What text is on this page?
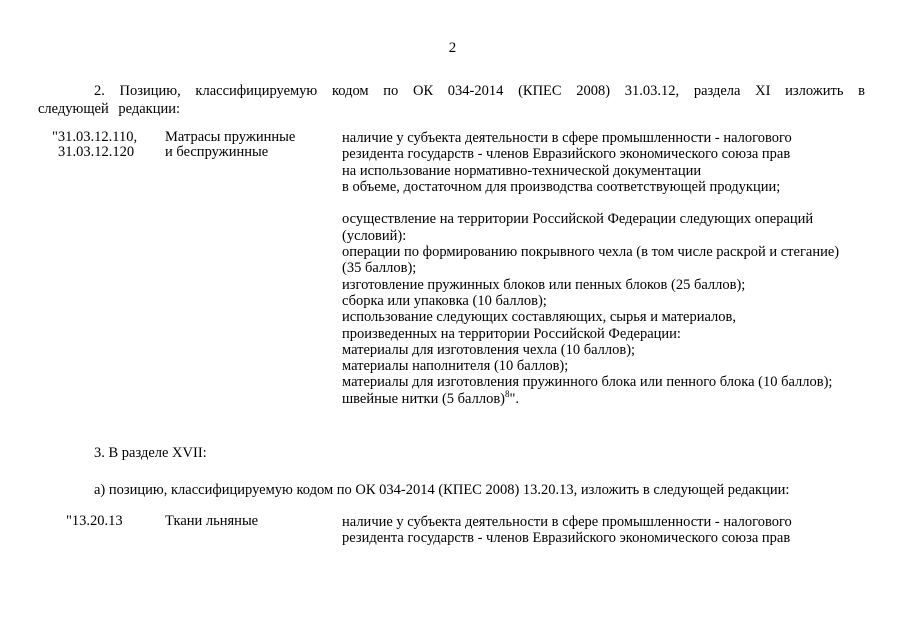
2
2. Позицию, классифицируемую кодом по ОК 034-2014 (КПЕС 2008) 31.03.12, раздела XI изложить в следующей редакции:
"31.03.12.110,
31.03.12.120
Матрасы пружинные
и беспружинные
наличие у субъекта деятельности в сфере промышленности - налогового
резидента государств - членов Евразийского экономического союза прав
на использование нормативно-технической документации
в объеме, достаточном для производства соответствующей продукции;
осуществление на территории Российской Федерации следующих операций
(условий):
операции по формированию покрывного чехла (в том числе раскрой и стегание)
(35 баллов);
изготовление пружинных блоков или пенных блоков (25 баллов);
сборка или упаковка (10 баллов);
использование следующих составляющих, сырья и материалов,
произведенных на территории Российской Федерации:
материалы для изготовления чехла (10 баллов);
материалы наполнителя (10 баллов);
материалы для изготовления пружинного блока или пенного блока (10 баллов);
швейные нитки (5 баллов)$^8$".
3. В разделе XVII:
а) позицию, классифицируемую кодом по ОК 034-2014 (КПЕС 2008) 13.20.13, изложить в следующей редакции:
"13.20.13	Ткани льняные	наличие у субъекта деятельности в сфере промышленности - налогового
резидента государств - членов Евразийского экономического союза прав
